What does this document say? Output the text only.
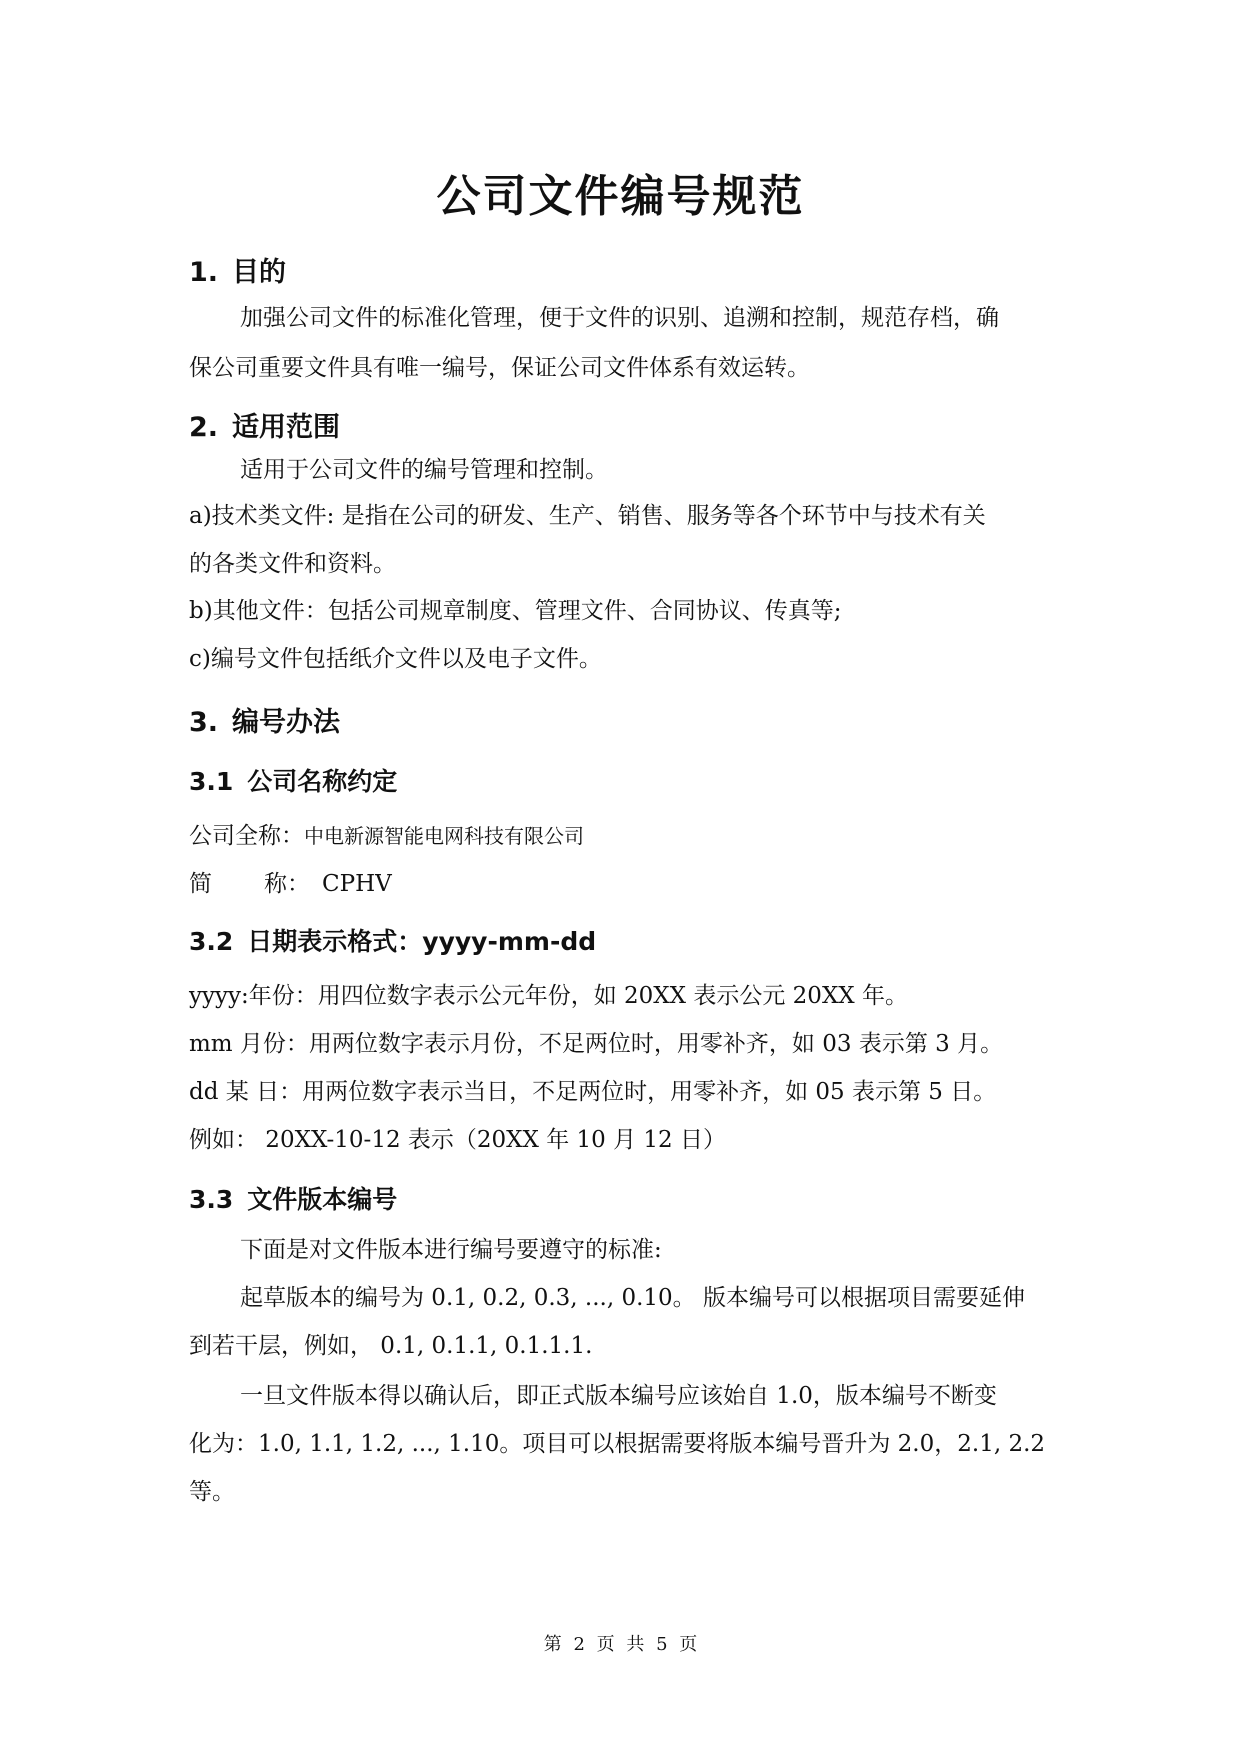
公司文件编号规范
1. 目的
加强公司文件的标准化管理，便于文件的识别、追溯和控制，规范存档，确
保公司重要文件具有唯一编号，保证公司文件体系有效运转。
2. 适用范围
适用于公司文件的编号管理和控制。
a)技术类文件: 是指在公司的研发、生产、销售、服务等各个环节中与技术有关
的各类文件和资料。
b)其他文件：包括公司规章制度、管理文件、合同协议、传真等;
c)编号文件包括纸介文件以及电子文件。
3. 编号办法
3.1 公司名称约定
公司全称：中电新源智能电网科技有限公司
简 称： CPHV
3.2 日期表示格式：yyyy-mm-dd
yyyy:年份：用四位数字表示公元年份，如 20XX 表示公元 20XX 年。
mm 月份：用两位数字表示月份，不足两位时，用零补齐，如 03 表示第 3 月。
dd 某 日：用两位数字表示当日，不足两位时，用零补齐，如 05 表示第 5 日。
例如： 20XX-10-12 表示（20XX 年 10 月 12 日）
3.3 文件版本编号
下面是对文件版本进行编号要遵守的标准:
起草版本的编号为 0.1, 0.2, 0.3, ..., 0.10。 版本编号可以根据项目需要延伸
到若干层，例如， 0.1, 0.1.1, 0.1.1.1.
一旦文件版本得以确认后，即正式版本编号应该始自 1.0，版本编号不断变
化为：1.0, 1.1, 1.2, ..., 1.10。项目可以根据需要将版本编号晋升为 2.0，2.1, 2.2
等。
第 2 页 共 5 页
